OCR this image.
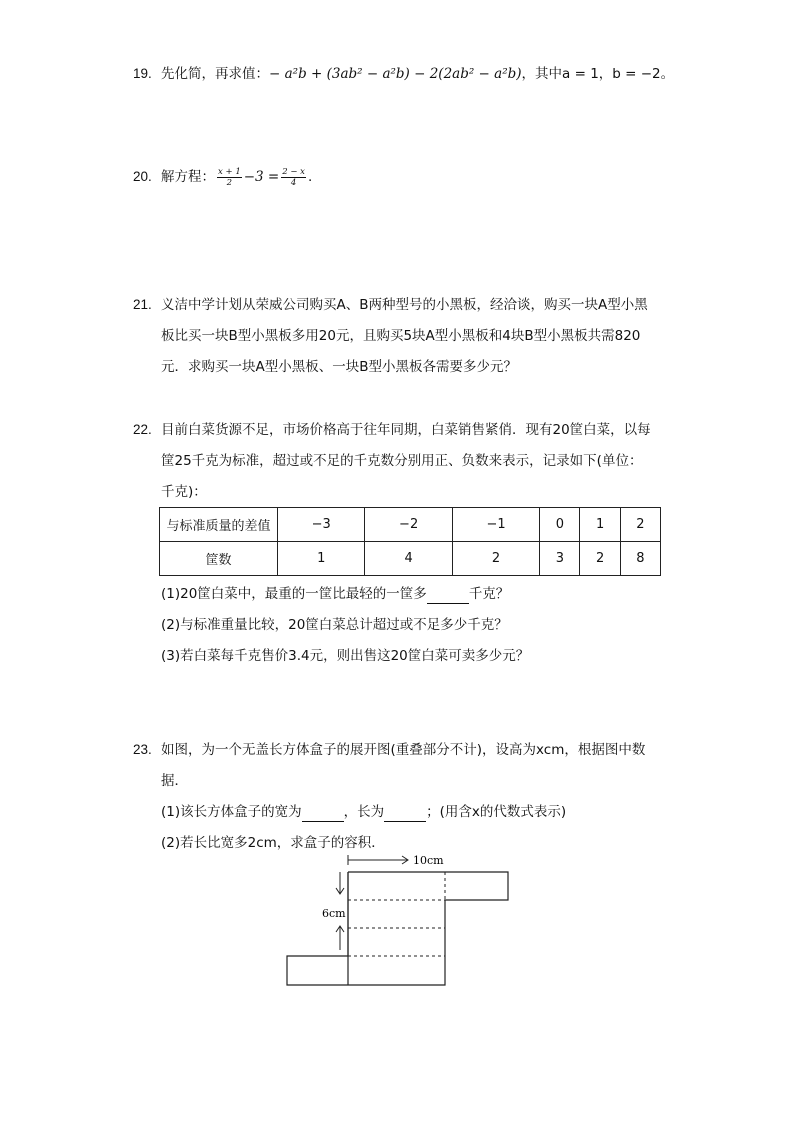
19. 先化简，再求值：− a²b + (3ab² − a²b) − 2(2ab² − a²b)，其中a = 1，b = −2。
20. 解方程： $\frac{x + 1}{2} -3 = \frac{2 - x}{4}$ .
21. 义洁中学计划从荣威公司购买A、B两种型号的小黑板，经洽谈，购买一块A型小黑
板比买一块B型小黑板多用20元，且购买5块A型小黑板和4块B型小黑板共需820
元．求购买一块A型小黑板、一块B型小黑板各需要多少元？
22. 目前白菜货源不足，市场价格高于往年同期，白菜销售紧俏．现有20筐白菜，以每
筐25千克为标准，超过或不足的千克数分别用正、负数来表示，记录如下(单位：
千克)：
与标准质量的差值	−3	−2	−1	0	1	2
筐数	1	4	2	3	2	8
(1)20筐白菜中，最重的一筐比最轻的一筐多	千克？
(2)与标准重量比较，20筐白菜总计超过或不足多少千克？
(3)若白菜每千克售价3.4元，则出售这20筐白菜可卖多少元？
23. 如图，为一个无盖长方体盒子的展开图(重叠部分不计)，设高为xcm，根据图中数
据．
(1)该长方体盒子的宽为	，长为	；(用含x的代数式表示)
(2)若长比宽多2cm，求盒子的容积．
10cm
6cm
